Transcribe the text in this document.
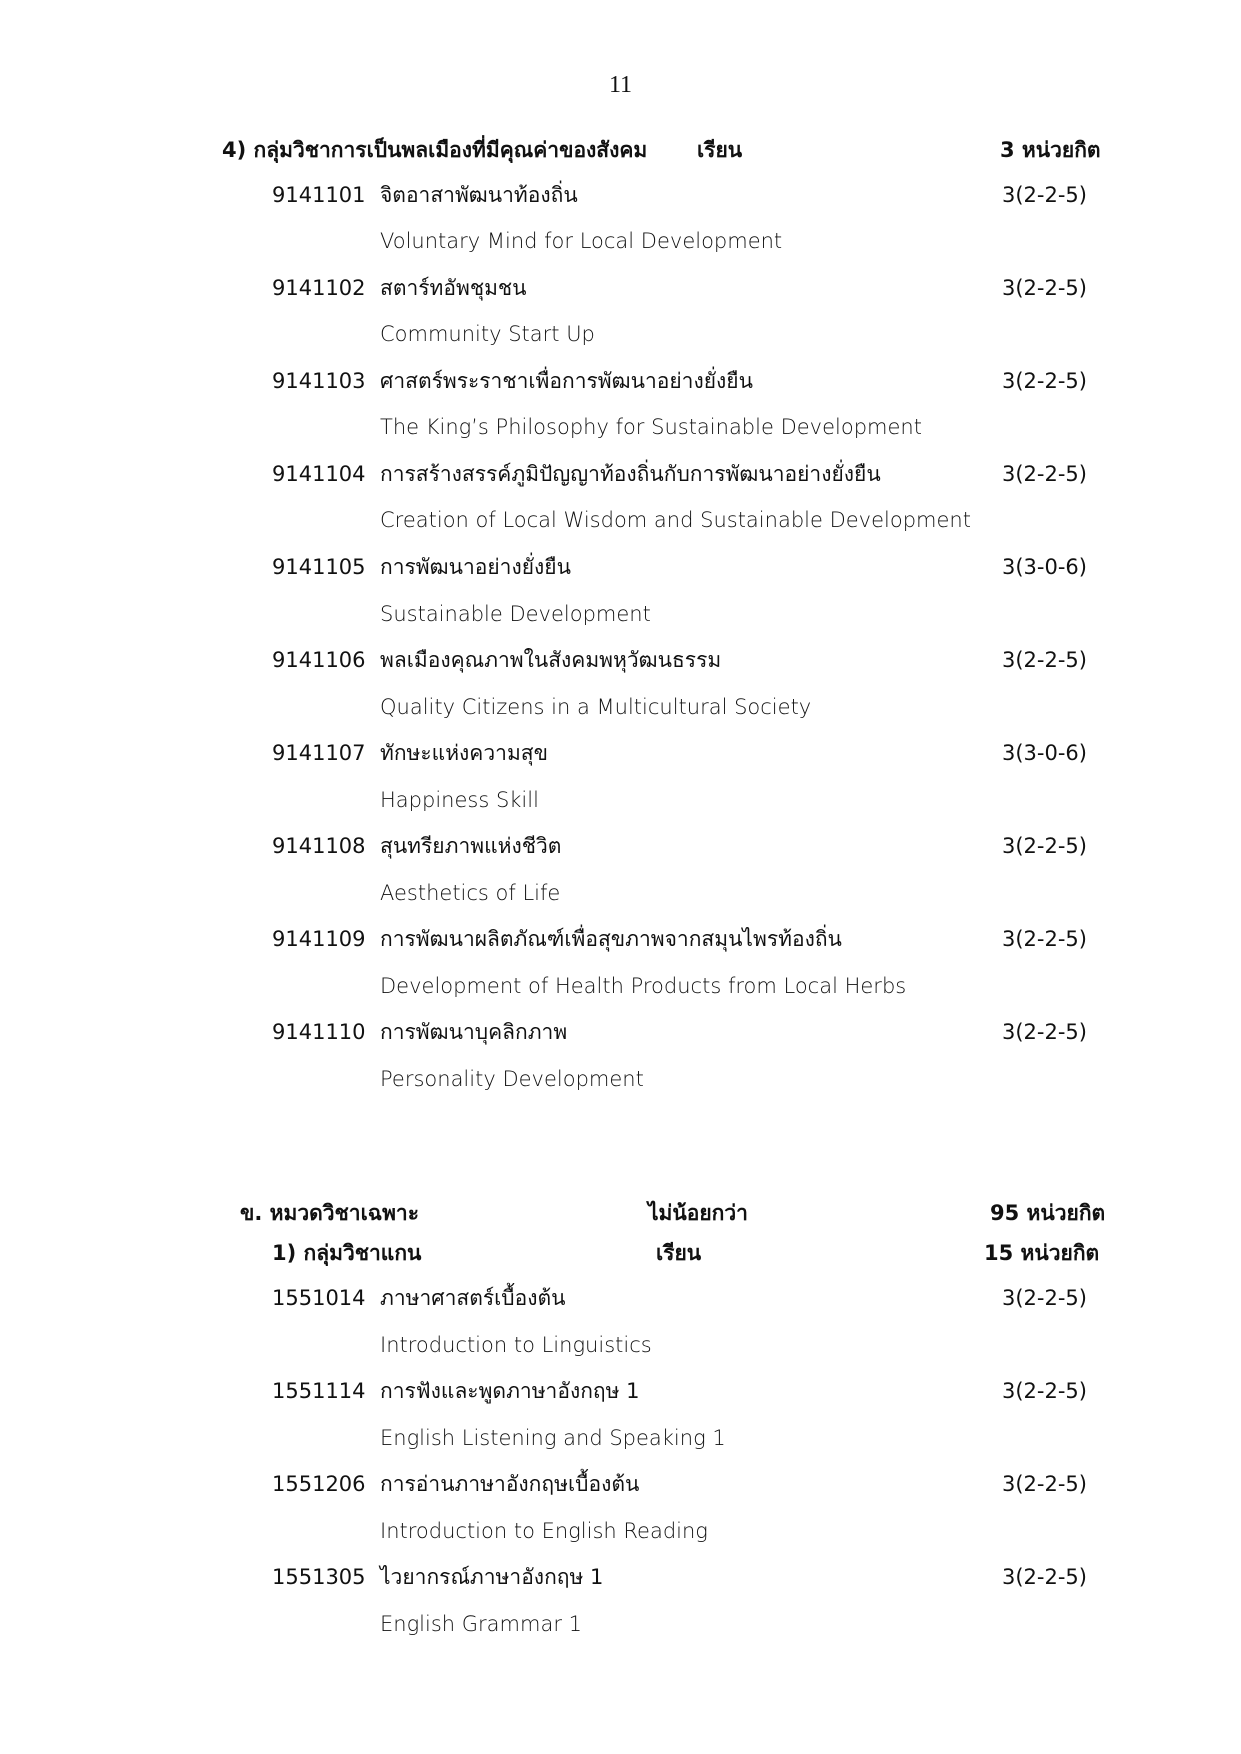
11
4) กลุ่มวิชาการเป็นพลเมืองที่มีคุณค่าของสังคม เรียน	3 หน่วยกิต
9141101 จิตอาสาพัฒนาท้องถิ่น	3(2-2-5)
Voluntary Mind for Local Development
9141102 สตาร์ทอัพชุมชน	3(2-2-5)
Community Start Up
9141103 ศาสตร์พระราชาเพื่อการพัฒนาอย่างยั่งยืน	3(2-2-5)
The King’s Philosophy for Sustainable Development
9141104 การสร้างสรรค์ภูมิปัญญาท้องถิ่นกับการพัฒนาอย่างยั่งยืน	3(2-2-5)
Creation of Local Wisdom and Sustainable Development
9141105 การพัฒนาอย่างยั่งยืน	3(3-0-6)
Sustainable Development
9141106 พลเมืองคุณภาพในสังคมพหุวัฒนธรรม	3(2-2-5)
Quality Citizens in a Multicultural Society
9141107 ทักษะแห่งความสุข	3(3-0-6)
Happiness Skill
9141108 สุนทรียภาพแห่งชีวิต	3(2-2-5)
Aesthetics of Life
9141109 การพัฒนาผลิตภัณฑ์เพื่อสุขภาพจากสมุนไพรท้องถิ่น	3(2-2-5)
Development of Health Products from Local Herbs
9141110 การพัฒนาบุคลิกภาพ	3(2-2-5)
Personality Development
ข. หมวดวิชาเฉพาะ	ไม่น้อยกว่า	95 หน่วยกิต
1) กลุ่มวิชาแกน	เรียน	15 หน่วยกิต
1551014 ภาษาศาสตร์เบื้องต้น	3(2-2-5)
Introduction to Linguistics
1551114 การฟังและพูดภาษาอังกฤษ 1	3(2-2-5)
English Listening and Speaking 1
1551206 การอ่านภาษาอังกฤษเบื้องต้น	3(2-2-5)
Introduction to English Reading
1551305 ไวยากรณ์ภาษาอังกฤษ 1	3(2-2-5)
English Grammar 1
